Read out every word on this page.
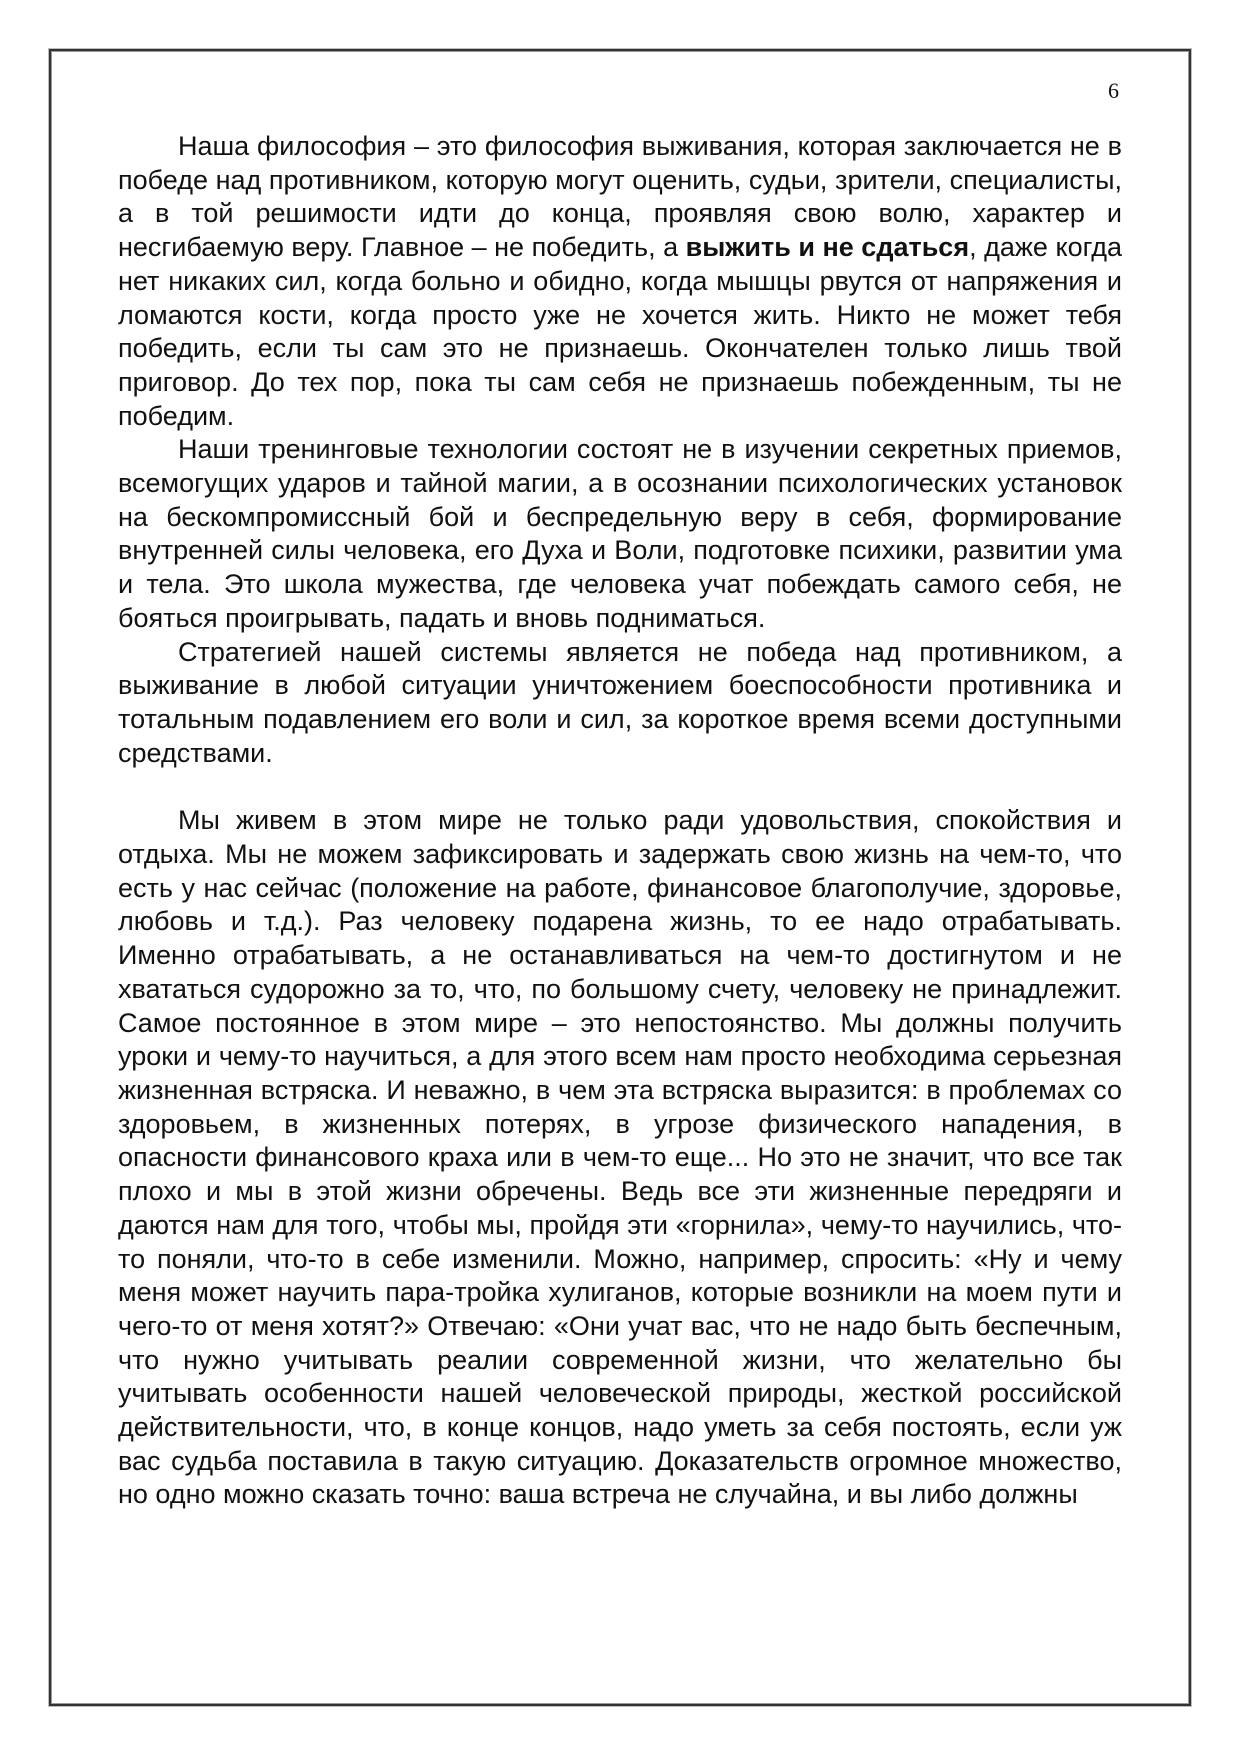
6

Наша философия – это философия выживания, которая заключается не в победе над противником, которую могут оценить, судьи, зрители, специалисты, а в той решимости идти до конца, проявляя свою волю, характер и несгибаемую веру. Главное – не победить, а выжить и не сдаться, даже когда нет никаких сил, когда больно и обидно, когда мышцы рвутся от напряжения и ломаются кости, когда просто уже не хочется жить. Никто не может тебя победить, если ты сам это не признаешь. Окончателен только лишь твой приговор. До тех пор, пока ты сам себя не признаешь побежденным, ты не победим.

Наши тренинговые технологии состоят не в изучении секретных приемов, всемогущих ударов и тайной магии, а в осознании психологических установок на бескомпромиссный бой и беспредельную веру в себя, формирование внутренней силы человека, его Духа и Воли, подготовке психики, развитии ума и тела. Это школа мужества, где человека учат побеждать самого себя, не бояться проигрывать, падать и вновь подниматься.

Стратегией нашей системы является не победа над противником, а выживание в любой ситуации уничтожением боеспособности противника и тотальным подавлением его воли и сил, за короткое время всеми доступными средствами.

Мы живем в этом мире не только ради удовольствия, спокойствия и отдыха. Мы не можем зафиксировать и задержать свою жизнь на чем-то, что есть у нас сейчас (положение на работе, финансовое благополучие, здоровье, любовь и т.д.). Раз человеку подарена жизнь, то ее надо отрабатывать. Именно отрабатывать, а не останавливаться на чем-то достигнутом и не хвататься судорожно за то, что, по большому счету, человеку не принадлежит. Самое постоянное в этом мире – это непостоянство. Мы должны получить уроки и чему-то научиться, а для этого всем нам просто необходима серьезная жизненная встряска. И неважно, в чем эта встряска выразится: в проблемах со здоровьем, в жизненных потерях, в угрозе физического нападения, в опасности финансового краха или в чем-то еще... Но это не значит, что все так плохо и мы в этой жизни обречены. Ведь все эти жизненные передряги и даются нам для того, чтобы мы, пройдя эти «горнила», чему-то научились, что-то поняли, что-то в себе изменили. Можно, например, спросить: «Ну и чему меня может научить пара-тройка хулиганов, которые возникли на моем пути и чего-то от меня хотят?» Отвечаю: «Они учат вас, что не надо быть беспечным, что нужно учитывать реалии современной жизни, что желательно бы учитывать особенности нашей человеческой природы, жесткой российской действительности, что, в конце концов, надо уметь за себя постоять, если уж вас судьба поставила в такую ситуацию. Доказательств огромное множество, но одно можно сказать точно: ваша встреча не случайна, и вы либо должны
